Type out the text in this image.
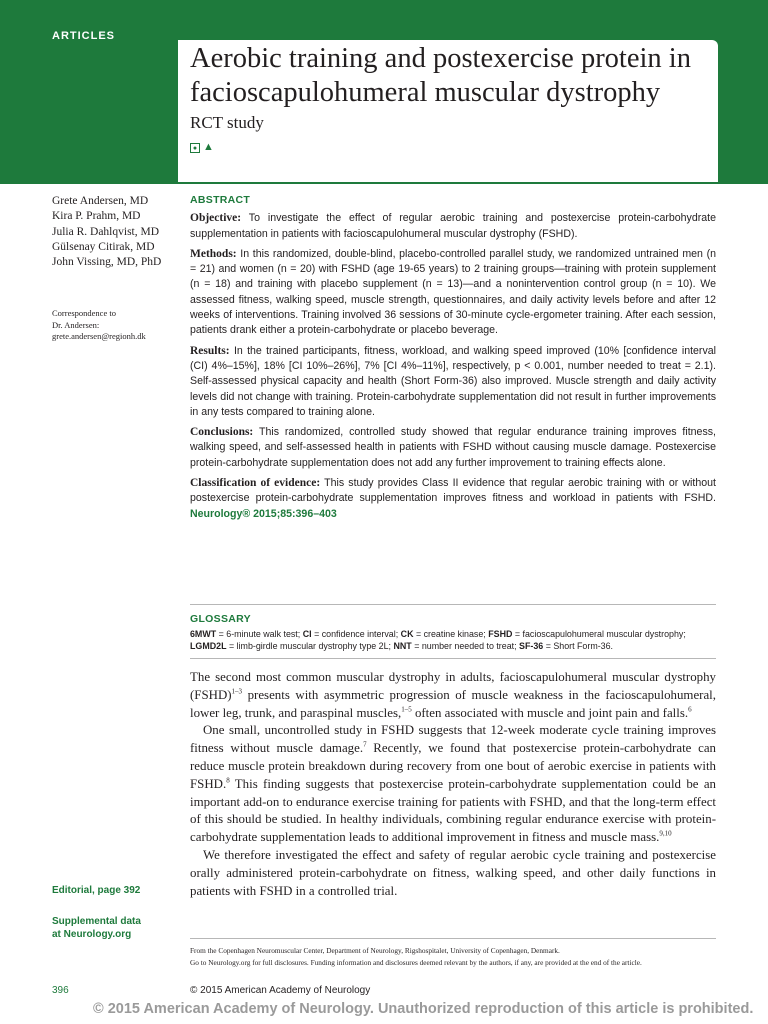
ARTICLES
Aerobic training and postexercise protein in
facioscapulohumeral muscular dystrophy
RCT study
● ▲
Grete Andersen, MD
Kira P. Prahm, MD
Julia R. Dahlqvist, MD
Gülsenay Citirak, MD
John Vissing, MD, PhD
Correspondence to
Dr. Andersen:
grete.andersen@regionh.dk
Editorial, page 392
Supplemental data
at Neurology.org
ABSTRACT

Objective: To investigate the effect of regular aerobic training and postexercise protein-carbohydrate supplementation in patients with facioscapulohumeral muscular dystrophy (FSHD).

Methods: In this randomized, double-blind, placebo-controlled parallel study, we randomized untrained men (n = 21) and women (n = 20) with FSHD (age 19-65 years) to 2 training groups—training with protein supplement (n = 18) and training with placebo supplement (n = 13)—and a nonintervention control group (n = 10). We assessed fitness, walking speed, muscle strength, questionnaires, and daily activity levels before and after 12 weeks of interventions. Training involved 36 sessions of 30-minute cycle-ergometer training. After each session, patients drank either a protein-carbohydrate or placebo beverage.

Results: In the trained participants, fitness, workload, and walking speed improved (10% [confidence interval (CI) 4%–15%], 18% [CI 10%–26%], 7% [CI 4%–11%], respectively, p < 0.001, number needed to treat = 2.1). Self-assessed physical capacity and health (Short Form-36) also improved. Muscle strength and daily activity levels did not change with training. Protein-carbohydrate supplementation did not result in further improvements in any tests compared to training alone.

Conclusions: This randomized, controlled study showed that regular endurance training improves fitness, walking speed, and self-assessed health in patients with FSHD without causing muscle damage. Postexercise protein-carbohydrate supplementation does not add any further improvement to training effects alone.

Classification of evidence: This study provides Class II evidence that regular aerobic training with or without postexercise protein-carbohydrate supplementation improves fitness and workload in patients with FSHD. Neurology® 2015;85:396–403

GLOSSARY
6MWT = 6-minute walk test; CI = confidence interval; CK = creatine kinase; FSHD = facioscapulohumeral muscular dystrophy; LGMD2L = limb-girdle muscular dystrophy type 2L; NNT = number needed to treat; SF-36 = Short Form-36.

The second most common muscular dystrophy in adults, facioscapulohumeral muscular dystrophy (FSHD)$^{1-3}$ presents with asymmetric progression of muscle weakness in the facioscapulohumeral, lower leg, trunk, and paraspinal muscles,$^{1-5}$ often associated with muscle and joint pain and falls.$^6$

One small, uncontrolled study in FSHD suggests that 12-week moderate cycle training improves fitness without muscle damage.$^7$ Recently, we found that postexercise protein-carbohydrate can reduce muscle protein breakdown during recovery from one bout of aerobic exercise in patients with FSHD.$^8$ This finding suggests that postexercise protein-carbohydrate supplementation could be an important add-on to endurance exercise training for patients with FSHD, and that the long-term effect of this should be studied. In healthy individuals, combining regular endurance exercise with protein-carbohydrate supplementation leads to additional improvement in fitness and muscle mass.$^{9,10}$

We therefore investigated the effect and safety of regular aerobic cycle training and postexercise orally administered protein-carbohydrate on fitness, walking speed, and other daily functions in patients with FSHD in a controlled trial.

From the Copenhagen Neuromuscular Center, Department of Neurology, Rigshospitalet, University of Copenhagen, Denmark.
Go to Neurology.org for full disclosures. Funding information and disclosures deemed relevant by the authors, if any, are provided at the end of the article.
396	© 2015 American Academy of Neurology
© 2015 American Academy of Neurology. Unauthorized reproduction of this article is prohibited.
